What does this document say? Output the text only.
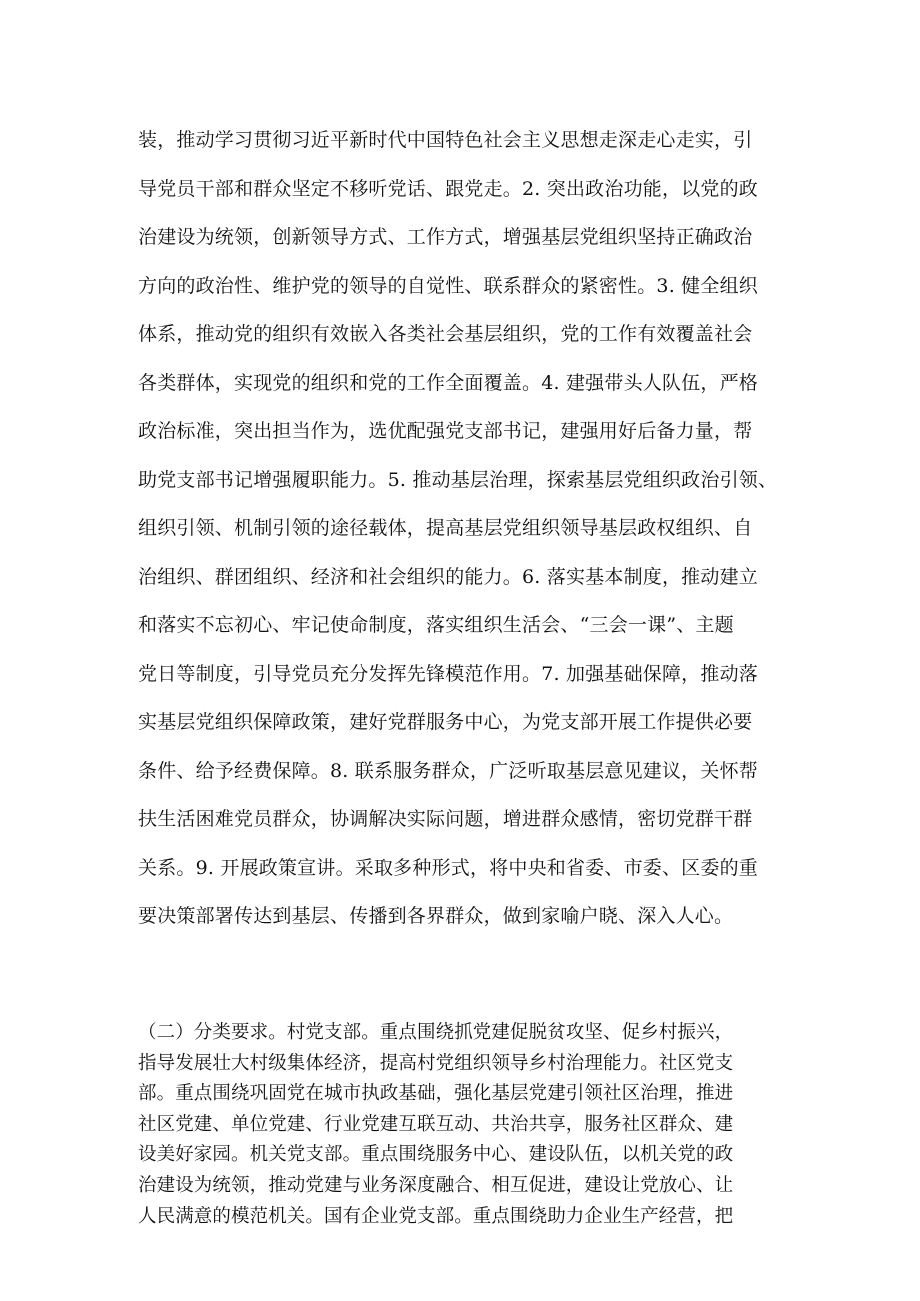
装，推动学习贯彻习近平新时代中国特色社会主义思想走深走心走实，引
导党员干部和群众坚定不移听党话、跟党走。2. 突出政治功能，以党的政
治建设为统领，创新领导方式、工作方式，增强基层党组织坚持正确政治
方向的政治性、维护党的领导的自觉性、联系群众的紧密性。3. 健全组织
体系，推动党的组织有效嵌入各类社会基层组织，党的工作有效覆盖社会
各类群体，实现党的组织和党的工作全面覆盖。4. 建强带头人队伍，严格
政治标准，突出担当作为，选优配强党支部书记，建强用好后备力量，帮
助党支部书记增强履职能力。5. 推动基层治理，探索基层党组织政治引领、
组织引领、机制引领的途径载体，提高基层党组织领导基层政权组织、自
治组织、群团组织、经济和社会组织的能力。6. 落实基本制度，推动建立
和落实不忘初心、牢记使命制度，落实组织生活会、“三会一课”、主题
党日等制度，引导党员充分发挥先锋模范作用。7. 加强基础保障，推动落
实基层党组织保障政策，建好党群服务中心，为党支部开展工作提供必要
条件、给予经费保障。8. 联系服务群众，广泛听取基层意见建议，关怀帮
扶生活困难党员群众，协调解决实际问题，增进群众感情，密切党群干群
关系。9. 开展政策宣讲。采取多种形式，将中央和省委、市委、区委的重
要决策部署传达到基层、传播到各界群众，做到家喻户晓、深入人心。
（二）分类要求。村党支部。重点围绕抓党建促脱贫攻坚、促乡村振兴，
指导发展壮大村级集体经济，提高村党组织领导乡村治理能力。社区党支
部。重点围绕巩固党在城市执政基础，强化基层党建引领社区治理，推进
社区党建、单位党建、行业党建互联互动、共治共享，服务社区群众、建
设美好家园。机关党支部。重点围绕服务中心、建设队伍，以机关党的政
治建设为统领，推动党建与业务深度融合、相互促进，建设让党放心、让
人民满意的模范机关。国有企业党支部。重点围绕助力企业生产经营，把
